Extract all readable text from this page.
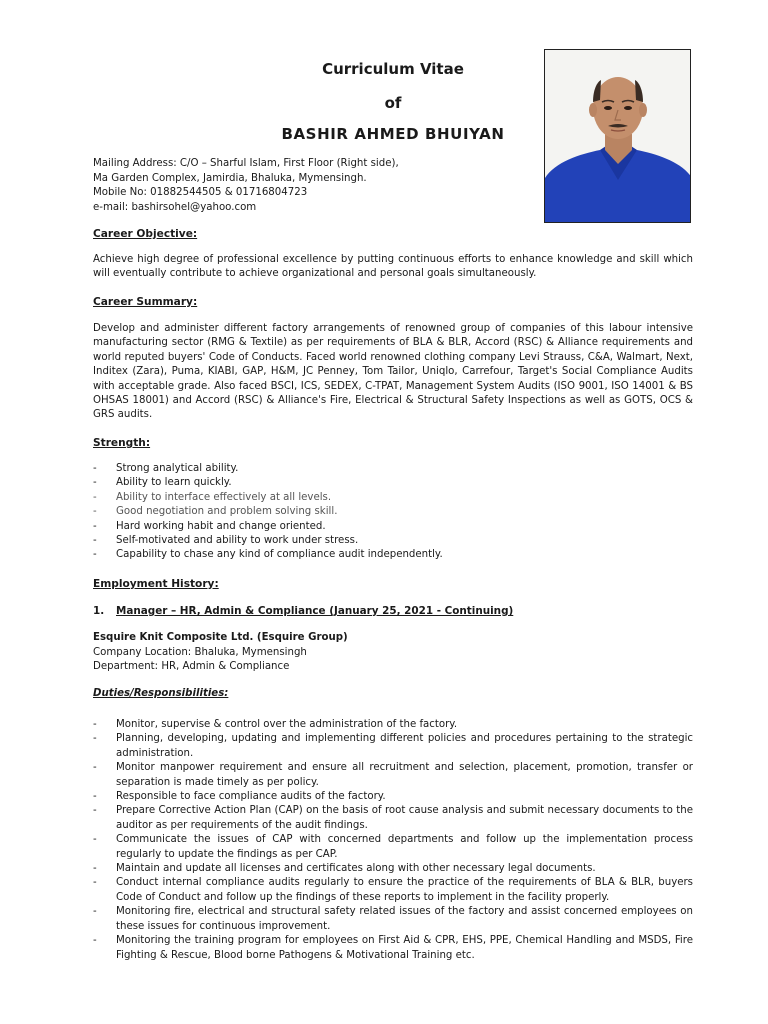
Curriculum Vitae
of
BASHIR AHMED BHUIYAN
Mailing Address: C/O – Sharful Islam, First Floor (Right side),
Ma Garden Complex, Jamirdia, Bhaluka, Mymensingh.
Mobile No: 01882544505 & 01716804723
e-mail: bashirsohel@yahoo.com
Career Objective:
Achieve high degree of professional excellence by putting continuous efforts to enhance knowledge and skill which will eventually contribute to achieve organizational and personal goals simultaneously.
Career Summary:
Develop and administer different factory arrangements of renowned group of companies of this labour intensive manufacturing sector (RMG & Textile) as per requirements of BLA & BLR, Accord (RSC) & Alliance requirements and world reputed buyers' Code of Conducts. Faced world renowned clothing company Levi Strauss, C&A, Walmart, Next, Inditex (Zara), Puma, KIABI, GAP, H&M, JC Penney, Tom Tailor, Uniqlo, Carrefour, Target's Social Compliance Audits with acceptable grade. Also faced BSCI, ICS, SEDEX, C-TPAT, Management System Audits (ISO 9001, ISO 14001 & BS OHSAS 18001) and Accord (RSC) & Alliance's Fire, Electrical & Structural Safety Inspections as well as GOTS, OCS & GRS audits.
Strength:
- Strong analytical ability.
- Ability to learn quickly.
- Ability to interface effectively at all levels.
- Good negotiation and problem solving skill.
- Hard working habit and change oriented.
- Self-motivated and ability to work under stress.
- Capability to chase any kind of compliance audit independently.
Employment History:
1. Manager – HR, Admin & Compliance (January 25, 2021 - Continuing)
Esquire Knit Composite Ltd. (Esquire Group)
Company Location: Bhaluka, Mymensingh
Department: HR, Admin & Compliance
Duties/Responsibilities:
- Monitor, supervise & control over the administration of the factory.
- Planning, developing, updating and implementing different policies and procedures pertaining to the strategic administration.
- Monitor manpower requirement and ensure all recruitment and selection, placement, promotion, transfer or separation is made timely as per policy.
- Responsible to face compliance audits of the factory.
- Prepare Corrective Action Plan (CAP) on the basis of root cause analysis and submit necessary documents to the auditor as per requirements of the audit findings.
- Communicate the issues of CAP with concerned departments and follow up the implementation process regularly to update the findings as per CAP.
- Maintain and update all licenses and certificates along with other necessary legal documents.
- Conduct internal compliance audits regularly to ensure the practice of the requirements of BLA & BLR, buyers Code of Conduct and follow up the findings of these reports to implement in the facility properly.
- Monitoring fire, electrical and structural safety related issues of the factory and assist concerned employees on these issues for continuous improvement.
- Monitoring the training program for employees on First Aid & CPR, EHS, PPE, Chemical Handling and MSDS, Fire Fighting & Rescue, Blood borne Pathogens & Motivational Training etc.
